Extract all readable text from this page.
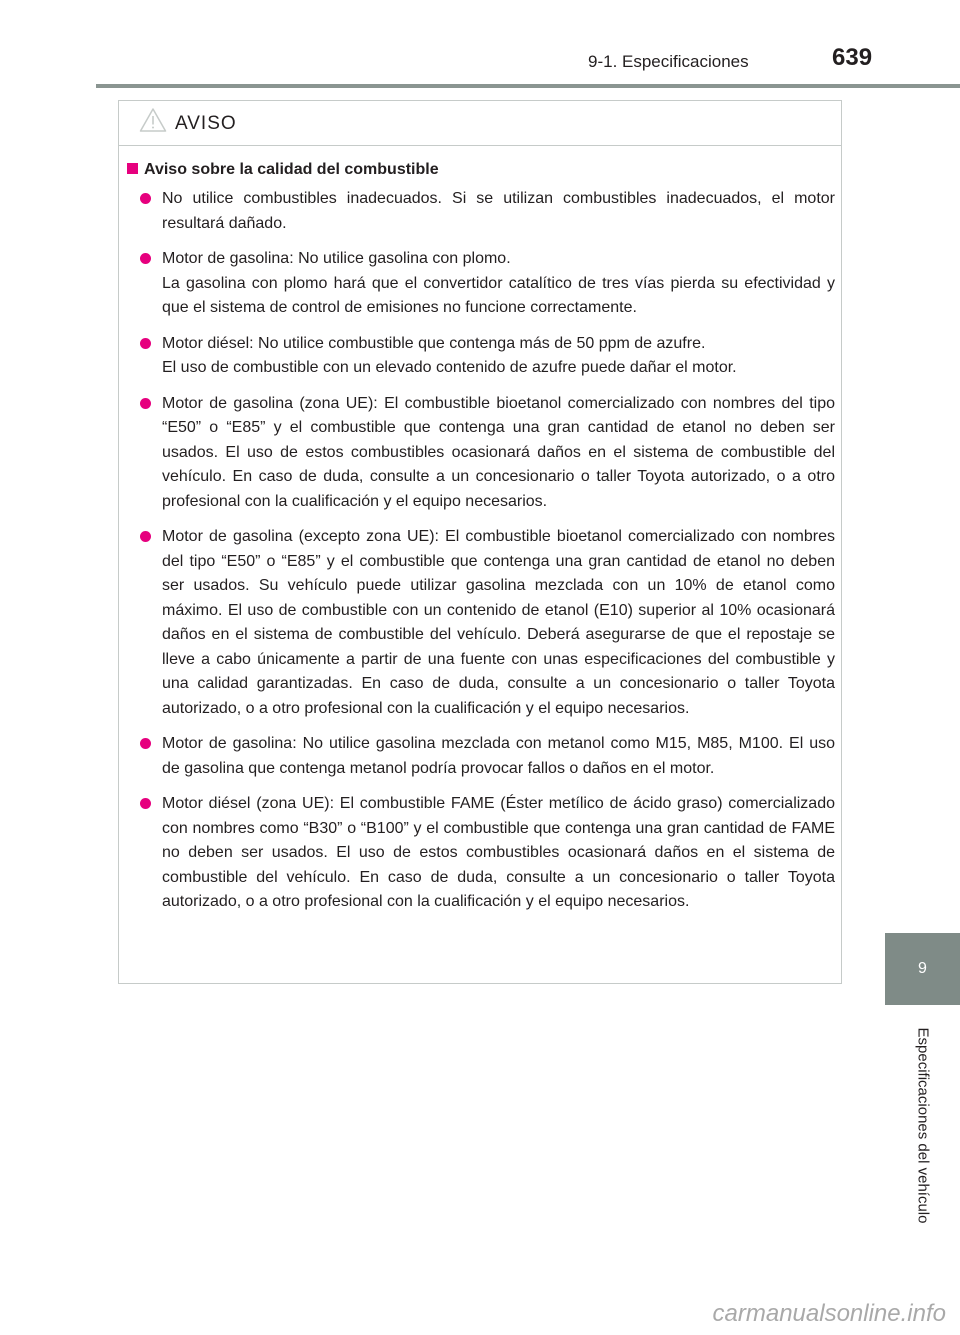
9-1. Especificaciones	639
9
Especificaciones del vehículo
AVISO
Aviso sobre la calidad del combustible

No utilice combustibles inadecuados. Si se utilizan combustibles inadecuados, el motor resultará dañado.

Motor de gasolina: No utilice gasolina con plomo.

La gasolina con plomo hará que el convertidor catalítico de tres vías pierda su efectividad y que el sistema de control de emisiones no funcione correctamente.

Motor diésel: No utilice combustible que contenga más de 50 ppm de azufre.

El uso de combustible con un elevado contenido de azufre puede dañar el motor.

Motor de gasolina (zona UE): El combustible bioetanol comercializado con nombres del tipo “E50” o “E85” y el combustible que contenga una gran cantidad de etanol no deben ser usados. El uso de estos combustibles ocasionará daños en el sistema de combustible del vehículo. En caso de duda, consulte a un concesionario o taller Toyota autorizado, o a otro profesional con la cualificación y el equipo necesarios.

Motor de gasolina (excepto zona UE): El combustible bioetanol comercializado con nombres del tipo “E50” o “E85” y el combustible que contenga una gran cantidad de etanol no deben ser usados. Su vehículo puede utilizar gasolina mezclada con un 10% de etanol como máximo. El uso de combustible con un contenido de etanol (E10) superior al 10% ocasionará daños en el sistema de combustible del vehículo. Deberá asegurarse de que el repostaje se lleve a cabo únicamente a partir de una fuente con unas especificaciones del combustible y una calidad garantizadas. En caso de duda, consulte a un concesionario o taller Toyota autorizado, o a otro profesional con la cualificación y el equipo necesarios.

Motor de gasolina: No utilice gasolina mezclada con metanol como M15, M85, M100. El uso de gasolina que contenga metanol podría provocar fallos o daños en el motor.

Motor diésel (zona UE): El combustible FAME (Éster metílico de ácido graso) comercializado con nombres como “B30” o “B100” y el combustible que contenga una gran cantidad de FAME no deben ser usados. El uso de estos combustibles ocasionará daños en el sistema de combustible del vehículo. En caso de duda, consulte a un concesionario o taller Toyota autorizado, o a otro profesional con la cualificación y el equipo necesarios.

carmanualsonline.info
